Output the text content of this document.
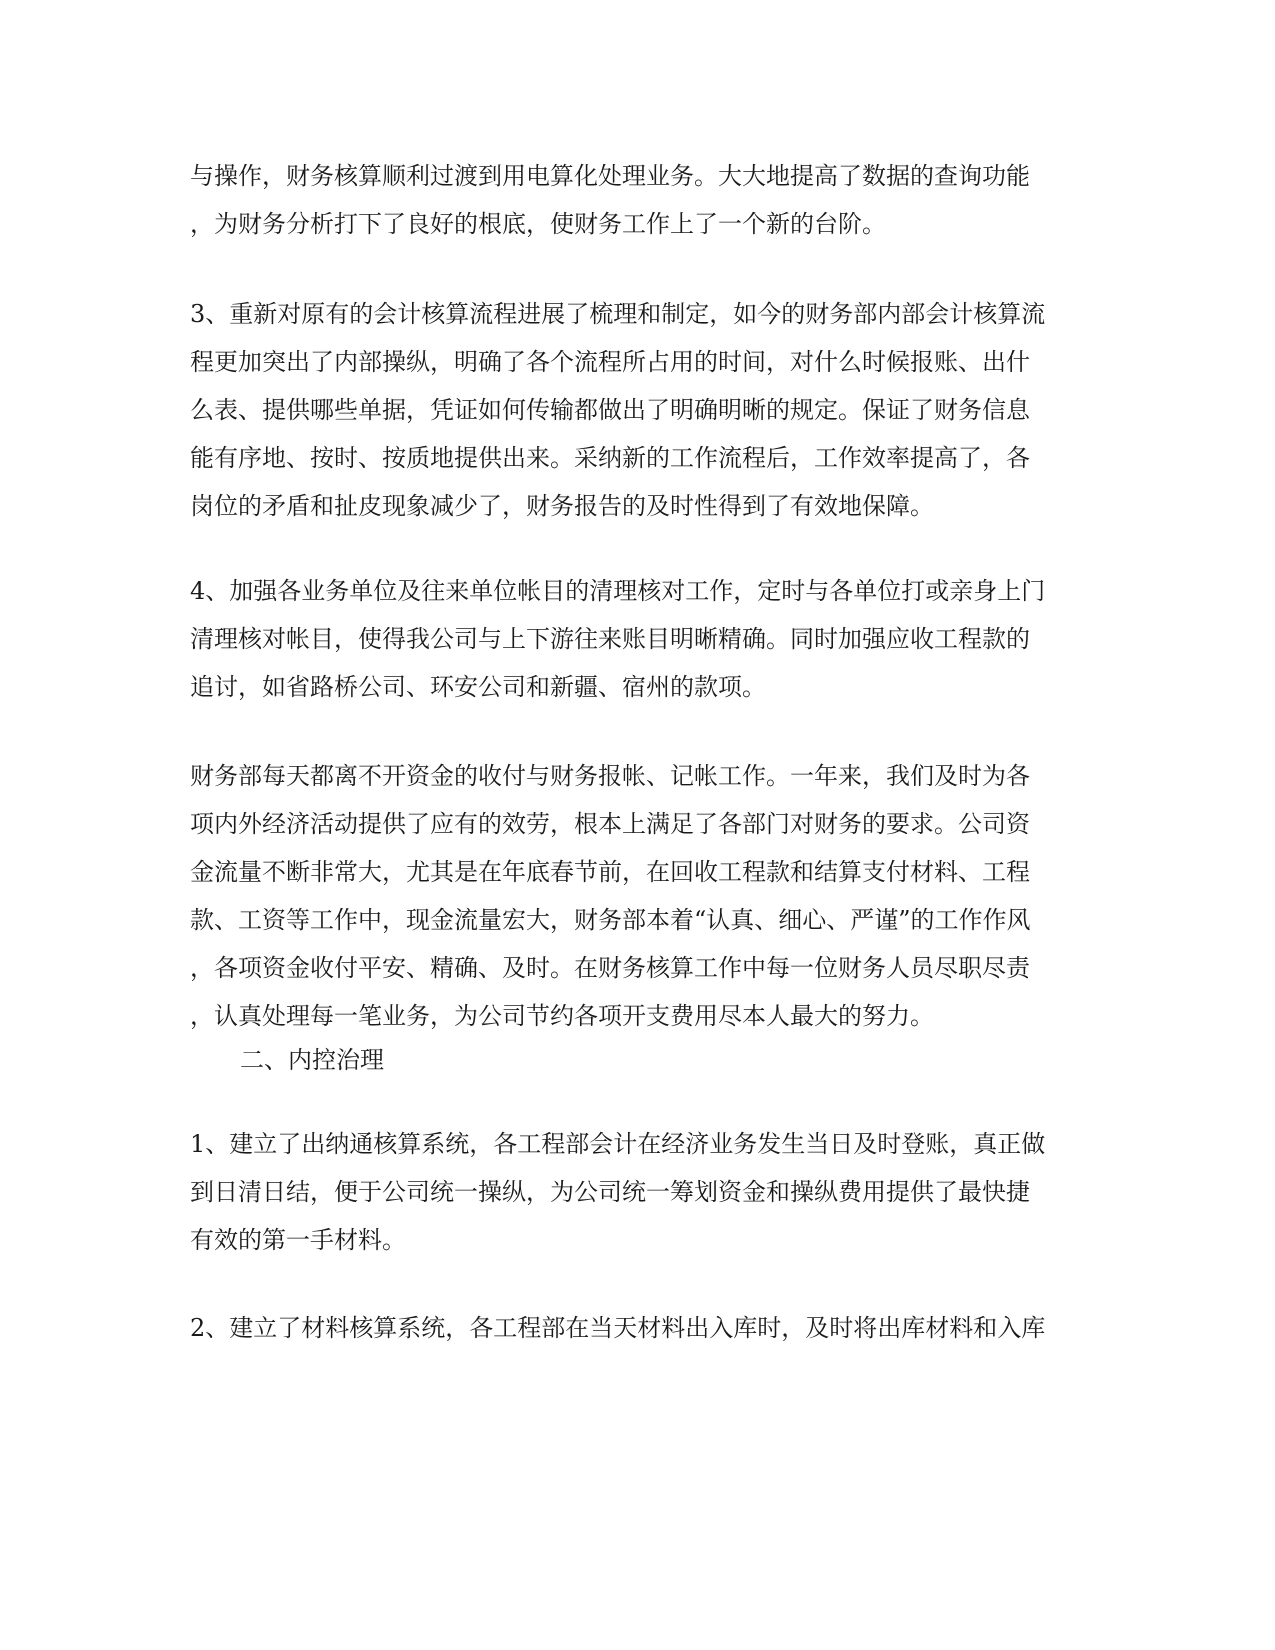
与操作，财务核算顺利过渡到用电算化处理业务。大大地提高了数据的查询功能
，为财务分析打下了良好的根底，使财务工作上了一个新的台阶。
3、重新对原有的会计核算流程进展了梳理和制定，如今的财务部内部会计核算流
程更加突出了内部操纵，明确了各个流程所占用的时间，对什么时候报账、出什
么表、提供哪些单据，凭证如何传输都做出了明确明晰的规定。保证了财务信息
能有序地、按时、按质地提供出来。采纳新的工作流程后，工作效率提高了，各
岗位的矛盾和扯皮现象减少了，财务报告的及时性得到了有效地保障。
4、加强各业务单位及往来单位帐目的清理核对工作，定时与各单位打或亲身上门
清理核对帐目，使得我公司与上下游往来账目明晰精确。同时加强应收工程款的
追讨，如省路桥公司、环安公司和新疆、宿州的款项。
财务部每天都离不开资金的收付与财务报帐、记帐工作。一年来，我们及时为各
项内外经济活动提供了应有的效劳，根本上满足了各部门对财务的要求。公司资
金流量不断非常大，尤其是在年底春节前，在回收工程款和结算支付材料、工程
款、工资等工作中，现金流量宏大，财务部本着“认真、细心、严谨”的工作作风
，各项资金收付平安、精确、及时。在财务核算工作中每一位财务人员尽职尽责
，认真处理每一笔业务，为公司节约各项开支费用尽本人最大的努力。
二、内控治理
1、建立了出纳通核算系统，各工程部会计在经济业务发生当日及时登账，真正做
到日清日结，便于公司统一操纵，为公司统一筹划资金和操纵费用提供了最快捷
有效的第一手材料。
2、建立了材料核算系统，各工程部在当天材料出入库时，及时将出库材料和入库
